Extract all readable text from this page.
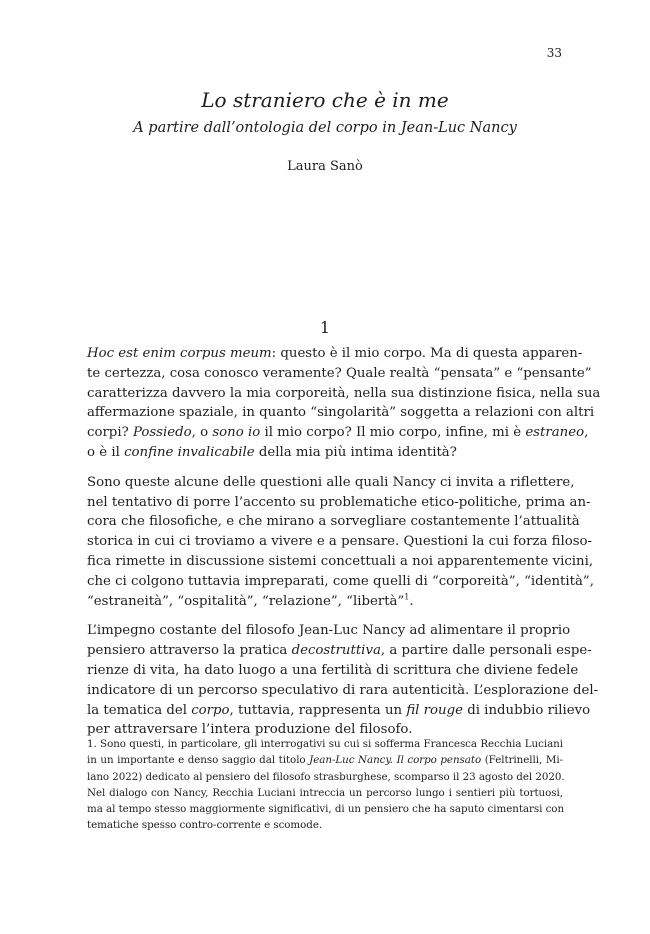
33
Lo straniero che è in me
A partire dall’ontologia del corpo in Jean-Luc Nancy
Laura Sanò
1

Hoc est enim corpus meum: questo è il mio corpo. Ma di questa apparen-
te certezza, cosa conosco veramente? Quale realtà “pensata” e “pensante”
caratterizza davvero la mia corporeità, nella sua distinzione fisica, nella sua
affermazione spaziale, in quanto “singolarità” soggetta a relazioni con altri
corpi? Possiedo, o sono io il mio corpo? Il mio corpo, infine, mi è estraneo,
o è il confine invalicabile della mia più intima identità?

Sono queste alcune delle questioni alle quali Nancy ci invita a riflettere,
nel tentativo di porre l’accento su problematiche etico-politiche, prima an-
cora che filosofiche, e che mirano a sorvegliare costantemente l’attualità
storica in cui ci troviamo a vivere e a pensare. Questioni la cui forza filoso-
fica rimette in discussione sistemi concettuali a noi apparentemente vicini,
che ci colgono tuttavia impreparati, come quelli di “corporeità”, “identità”,
“estraneità”, “ospitalità”, “relazione”, “libertà”$^1$.

L’impegno costante del filosofo Jean-Luc Nancy ad alimentare il proprio
pensiero attraverso la pratica decostruttiva, a partire dalle personali espe-
rienze di vita, ha dato luogo a una fertilità di scrittura che diviene fedele
indicatore di un percorso speculativo di rara autenticità. L’esplorazione del-
la tematica del corpo, tuttavia, rappresenta un fil rouge di indubbio rilievo
per attraversare l’intera produzione del filosofo.

1. Sono questi, in particolare, gli interrogativi su cui si sofferma Francesca Recchia Luciani
in un importante e denso saggio dal titolo Jean-Luc Nancy. Il corpo pensato (Feltrinelli, Mi-
lano 2022) dedicato al pensiero del filosofo strasburghese, scomparso il 23 agosto del 2020.
Nel dialogo con Nancy, Recchia Luciani intreccia un percorso lungo i sentieri più tortuosi,
ma al tempo stesso maggiormente significativi, di un pensiero che ha saputo cimentarsi con
tematiche spesso contro-corrente e scomode.
